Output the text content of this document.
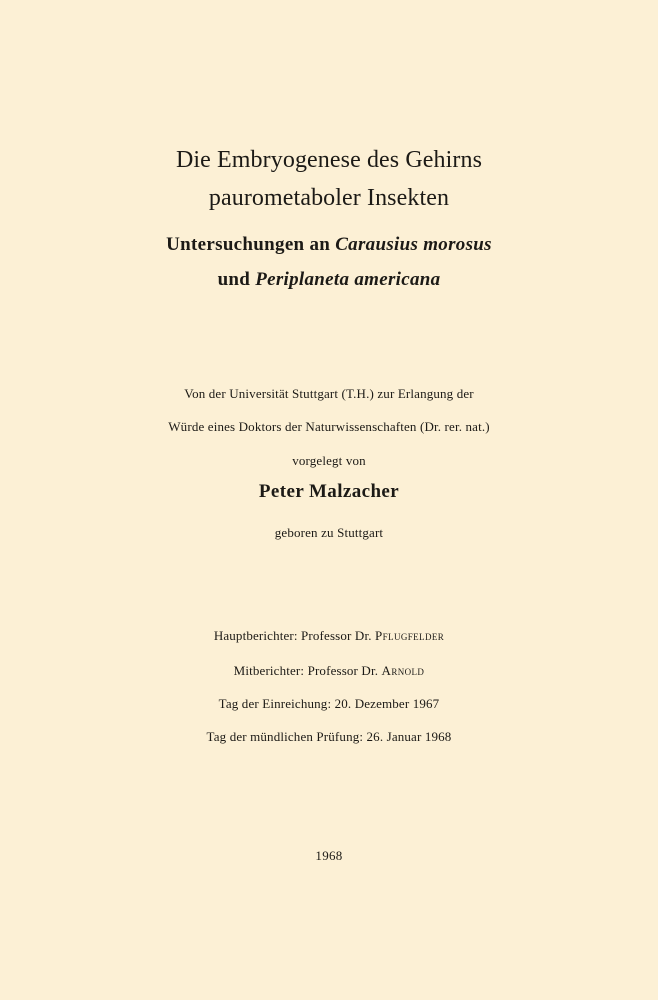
Die Embryogenese des Gehirns
paurometaboler Insekten
Untersuchungen an Carausius morosus
und Periplaneta americana
Von der Universität Stuttgart (T.H.) zur Erlangung der
Würde eines Doktors der Naturwissenschaften (Dr. rer. nat.)
vorgelegt von
Peter Malzacher
geboren zu Stuttgart
Hauptberichter: Professor Dr. Pflugfelder
Mitberichter: Professor Dr. Arnold
Tag der Einreichung: 20. Dezember 1967
Tag der mündlichen Prüfung: 26. Januar 1968
1968
